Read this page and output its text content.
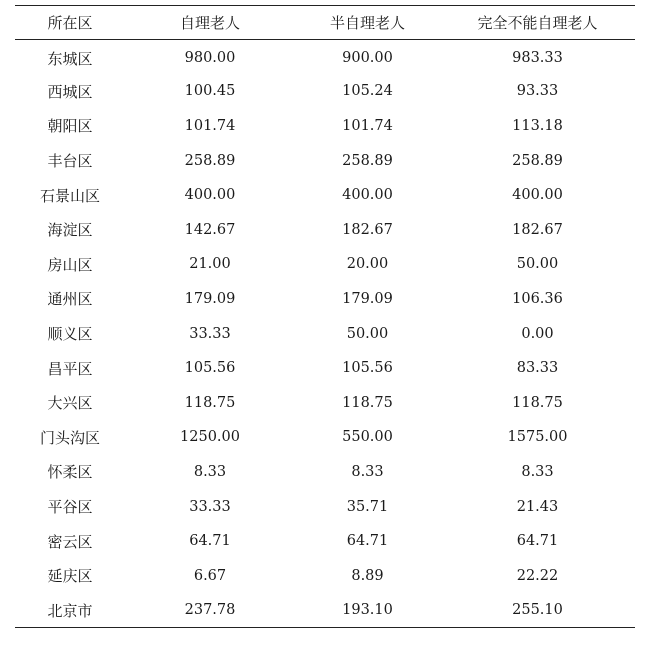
所在区	自理老人	半自理老人	完全不能自理老人
东城区	980.00	900.00	983.33
西城区	100.45	105.24	93.33
朝阳区	101.74	101.74	113.18
丰台区	258.89	258.89	258.89
石景山区	400.00	400.00	400.00
海淀区	142.67	182.67	182.67
房山区	21.00	20.00	50.00
通州区	179.09	179.09	106.36
顺义区	33.33	50.00	0.00
昌平区	105.56	105.56	83.33
大兴区	118.75	118.75	118.75
门头沟区	1250.00	550.00	1575.00
怀柔区	8.33	8.33	8.33
平谷区	33.33	35.71	21.43
密云区	64.71	64.71	64.71
延庆区	6.67	8.89	22.22
北京市	237.78	193.10	255.10
